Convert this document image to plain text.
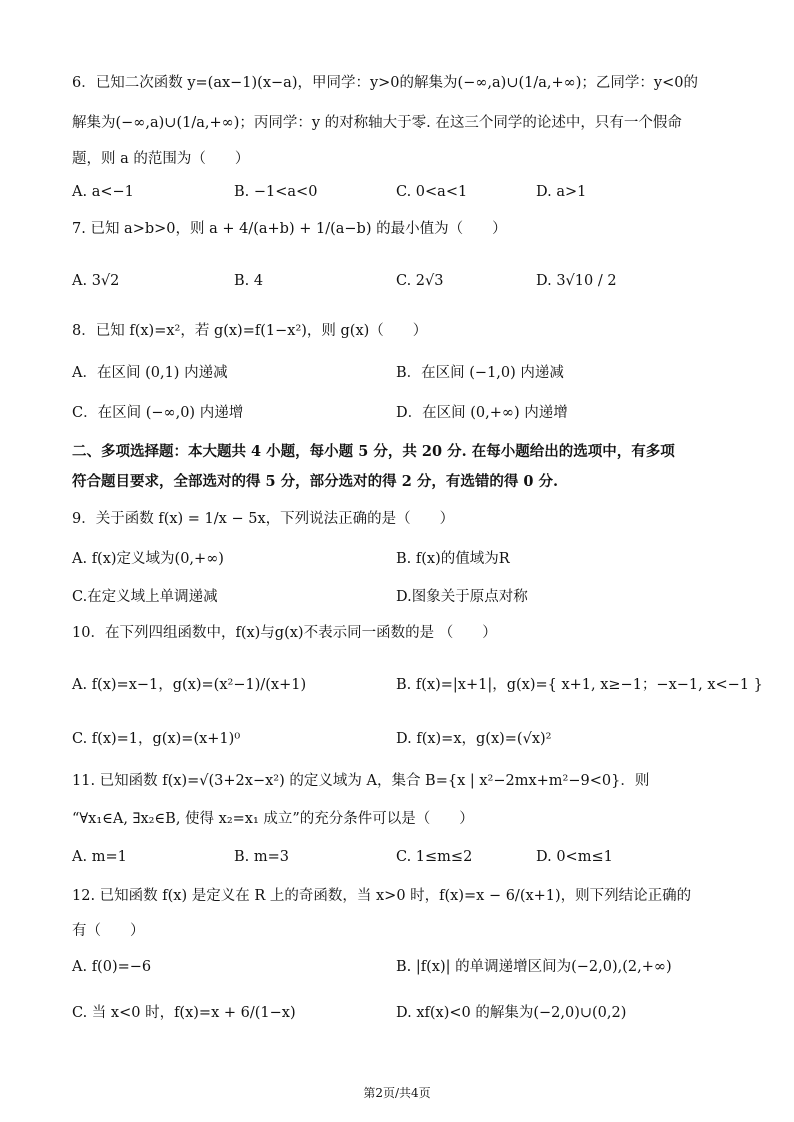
6．已知二次函数 y=(ax−1)(x−a)，甲同学：y>0的解集为(−∞,a)∪(1/a,+∞)；乙同学：y<0的
解集为(−∞,a)∪(1/a,+∞)；丙同学：y 的对称轴大于零. 在这三个同学的论述中，只有一个假命
题，则 a 的范围为（　　）
A. a<−1	B. −1<a<0	C. 0<a<1	D. a>1
7. 已知 a>b>0，则 a + 4/(a+b) + 1/(a−b) 的最小值为（　　）
A. 3√2	B. 4	C. 2√3	D. 3√10 / 2
8．已知 f(x)=x²，若 g(x)=f(1−x²)，则 g(x)（　　）
A．在区间 (0,1) 内递减	B．在区间 (−1,0) 内递减
C．在区间 (−∞,0) 内递增	D．在区间 (0,+∞) 内递增
二、多项选择题：本大题共 4 小题，每小题 5 分，共 20 分. 在每小题给出的选项中，有多项
符合题目要求，全部选对的得 5 分，部分选对的得 2 分，有选错的得 0 分.
9．关于函数 f(x) = 1/x − 5x，下列说法正确的是（　　）
A. f(x)定义域为(0,+∞)	B. f(x)的值域为R
C.在定义域上单调递减	D.图象关于原点对称
10．在下列四组函数中，f(x)与g(x)不表示同一函数的是 （　　）
A. f(x)=x−1，g(x)=(x²−1)/(x+1)	B. f(x)=|x+1|，g(x)={ x+1, x≥−1；−x−1, x<−1 }
C. f(x)=1，g(x)=(x+1)⁰	D. f(x)=x，g(x)=(√x)²
11. 已知函数 f(x)=√(3+2x−x²) 的定义域为 A，集合 B={x | x²−2mx+m²−9<0}．则
“∀x₁∈A, ∃x₂∈B, 使得 x₂=x₁ 成立”的充分条件可以是（　　）
A. m=1	B. m=3	C. 1≤m≤2	D. 0<m≤1
12. 已知函数 f(x) 是定义在 R 上的奇函数，当 x>0 时，f(x)=x − 6/(x+1)，则下列结论正确的
有（　　）
A. f(0)=−6	B. |f(x)| 的单调递增区间为(−2,0),(2,+∞)
C. 当 x<0 时，f(x)=x + 6/(1−x)	D. xf(x)<0 的解集为(−2,0)∪(0,2)
第2页/共4页
